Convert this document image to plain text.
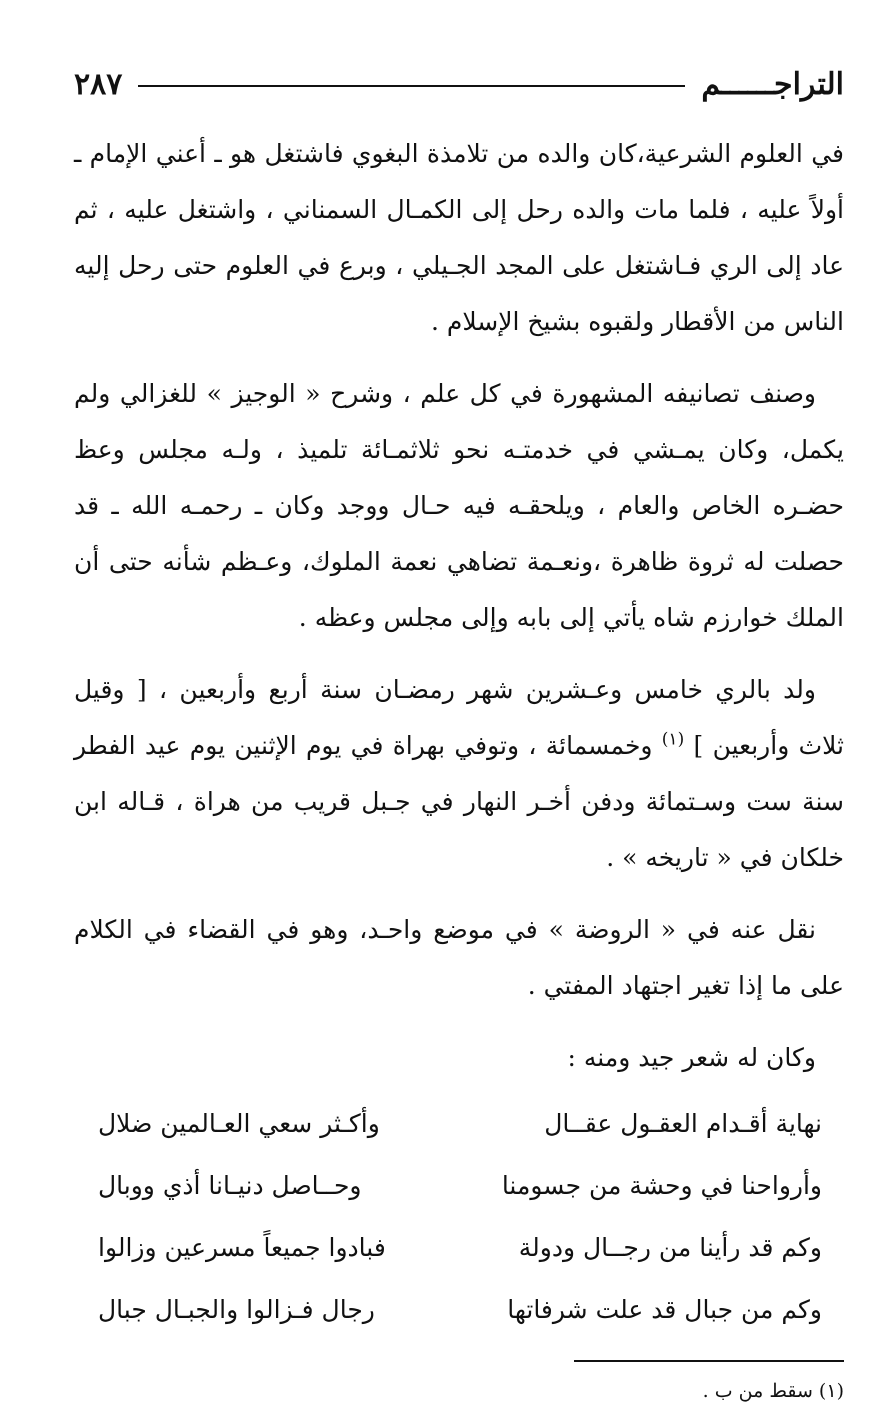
التراجــــــم
٢٨٧

في العلوم الشرعية،كان والده من تلامذة البغوي فاشتغل هو ـ أعني الإمام ـ أولاً عليه ، فلما مات والده رحل إلى الكمـال السمناني ، واشتغل عليه ، ثم عاد إلى الري فـاشتغل على المجد الجـيلي ، وبرع في العلوم حتى رحل إليه الناس من الأقطار ولقبوه بشيخ الإسلام .

وصنف تصانيفه المشهورة في كل علم ، وشرح « الوجيز » للغزالي ولم يكمل، وكان يمـشي في خدمتـه نحو ثلاثمـائة تلميذ ، ولـه مجلس وعظ حضـره الخاص والعام ، ويلحقـه فيه حـال ووجد وكان ـ رحمـه الله ـ قد حصلت له ثروة ظاهرة ،ونعـمة تضاهي نعمة الملوك، وعـظم شأنه حتى أن الملك خوارزم شاه يأتي إلى بابه وإلى مجلس وعظه .

ولد بالري خامس وعـشرين شهر رمضـان سنة أربع وأربعين ، [ وقيل ثلاث وأربعين ] $^{(١)}$ وخمسمائة ، وتوفي بهراة في يوم الإثنين يوم عيد الفطر سنة ست وسـتمائة ودفن أخـر النهار في جـبل قريب من هراة ، قـاله ابن خلكان في « تاريخه » .

نقل عنه في « الروضة » في موضع واحـد، وهو في القضاء في الكلام على ما إذا تغير اجتهاد المفتي .

وكان له شعر جيد ومنه :
نهاية أقـدام العقـول عقــال
وأكـثر سعي العـالمين ضلال
وأرواحنا في وحشة من جسومنا
وحــاصل دنيـانا أذي ووبال
وكم قد رأينا من رجــال ودولة
فبادوا جميعاً مسرعين وزالوا
وكم من جبال قد علت شرفاتها
رجال فـزالوا والجبـال جبال
(١) سقط من ب .
